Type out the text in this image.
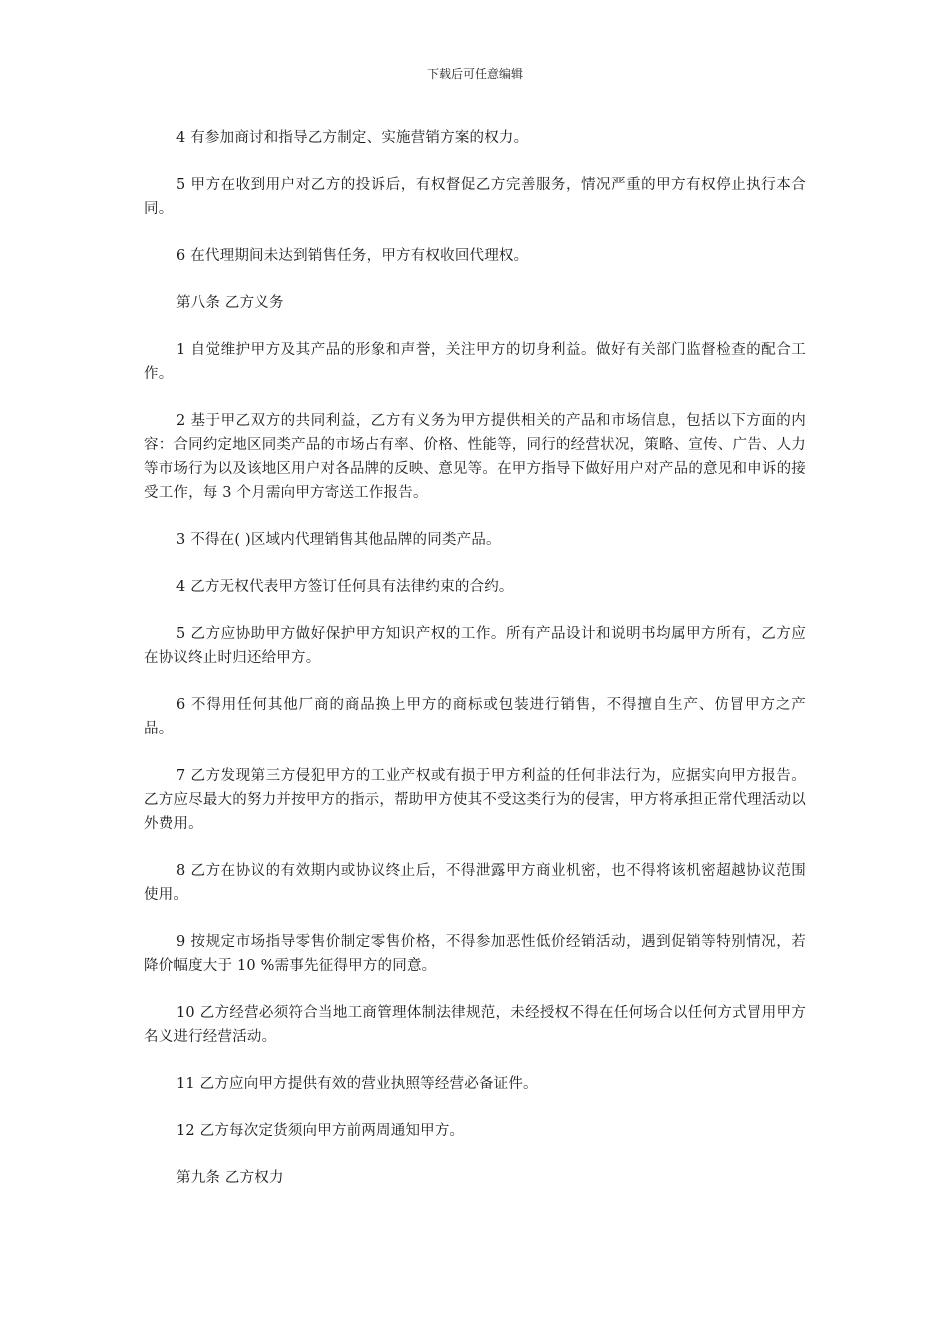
下载后可任意编辑

4 有参加商讨和指导乙方制定、实施营销方案的权力。

5 甲方在收到用户对乙方的投诉后，有权督促乙方完善服务，情况严重的甲方有权停止执行本合同。

6 在代理期间未达到销售任务，甲方有权收回代理权。

第八条 乙方义务

1 自觉维护甲方及其产品的形象和声誉，关注甲方的切身利益。做好有关部门监督检查的配合工作。

2 基于甲乙双方的共同利益，乙方有义务为甲方提供相关的产品和市场信息，包括以下方面的内容：合同约定地区同类产品的市场占有率、价格、性能等，同行的经营状况，策略、宣传、广告、人力等市场行为以及该地区用户对各品牌的反映、意见等。在甲方指导下做好用户对产品的意见和申诉的接受工作，每 3 个月需向甲方寄送工作报告。

3 不得在( )区域内代理销售其他品牌的同类产品。

4 乙方无权代表甲方签订任何具有法律约束的合约。

5 乙方应协助甲方做好保护甲方知识产权的工作。所有产品设计和说明书均属甲方所有，乙方应在协议终止时归还给甲方。

6 不得用任何其他厂商的商品换上甲方的商标或包装进行销售，不得擅自生产、仿冒甲方之产品。

7 乙方发现第三方侵犯甲方的工业产权或有损于甲方利益的任何非法行为，应据实向甲方报告。乙方应尽最大的努力并按甲方的指示，帮助甲方使其不受这类行为的侵害，甲方将承担正常代理活动以外费用。

8 乙方在协议的有效期内或协议终止后，不得泄露甲方商业机密，也不得将该机密超越协议范围使用。

9 按规定市场指导零售价制定零售价格，不得参加恶性低价经销活动，遇到促销等特别情况，若降价幅度大于 10 %需事先征得甲方的同意。

10 乙方经营必须符合当地工商管理体制法律规范，未经授权不得在任何场合以任何方式冒用甲方名义进行经营活动。

11 乙方应向甲方提供有效的营业执照等经营必备证件。

12 乙方每次定货须向甲方前两周通知甲方。

第九条 乙方权力
